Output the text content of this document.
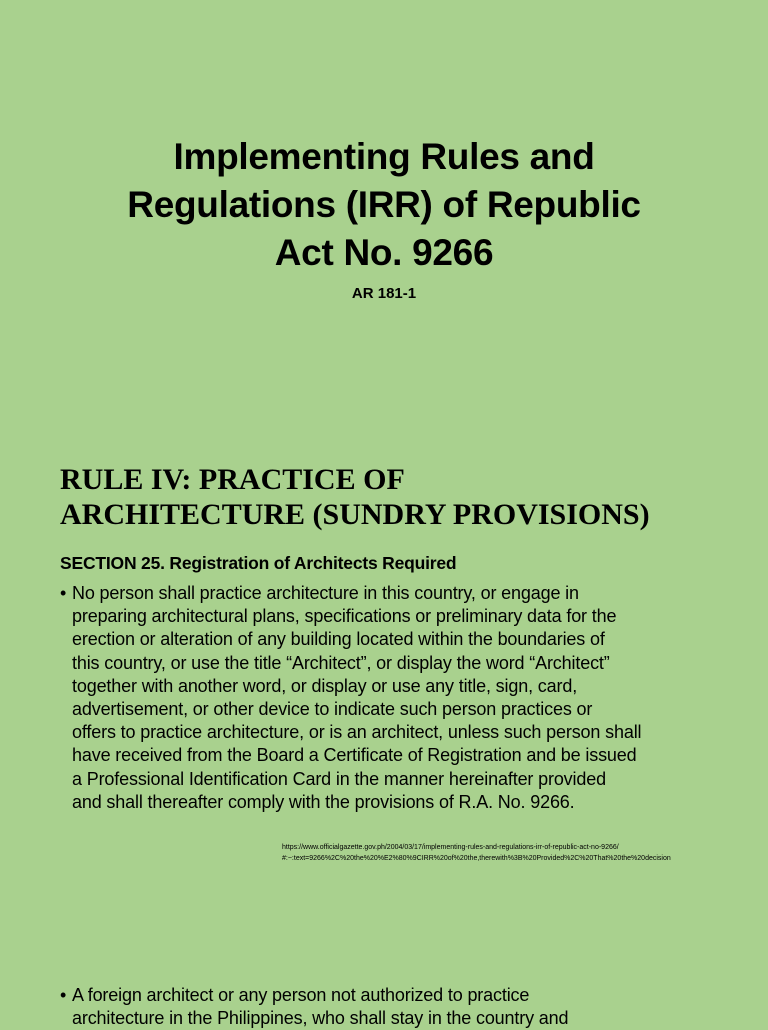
Implementing Rules and
Regulations (IRR) of Republic
Act No. 9266
AR 181-1
RULE IV: PRACTICE OF
ARCHITECTURE (SUNDRY PROVISIONS)
SECTION 25. Registration of Architects Required
• No person shall practice architecture in this country, or engage in
preparing architectural plans, specifications or preliminary data for the
erection or alteration of any building located within the boundaries of
this country, or use the title “Architect”, or display the word “Architect”
together with another word, or display or use any title, sign, card,
advertisement, or other device to indicate such person practices or
offers to practice architecture, or is an architect, unless such person shall
have received from the Board a Certificate of Registration and be issued
a Professional Identification Card in the manner hereinafter provided
and shall thereafter comply with the provisions of R.A. No. 9266.
https://www.officialgazette.gov.ph/2004/03/17/implementing-rules-and-regulations-irr-of-republic-act-no-9266/
#:~:text=9266%2C%20the%20%E2%80%9CIRR%20of%20the,therewith%3B%20Provided%2C%20That%20the%20decision
• A foreign architect or any person not authorized to practice
architecture in the Philippines, who shall stay in the country and
